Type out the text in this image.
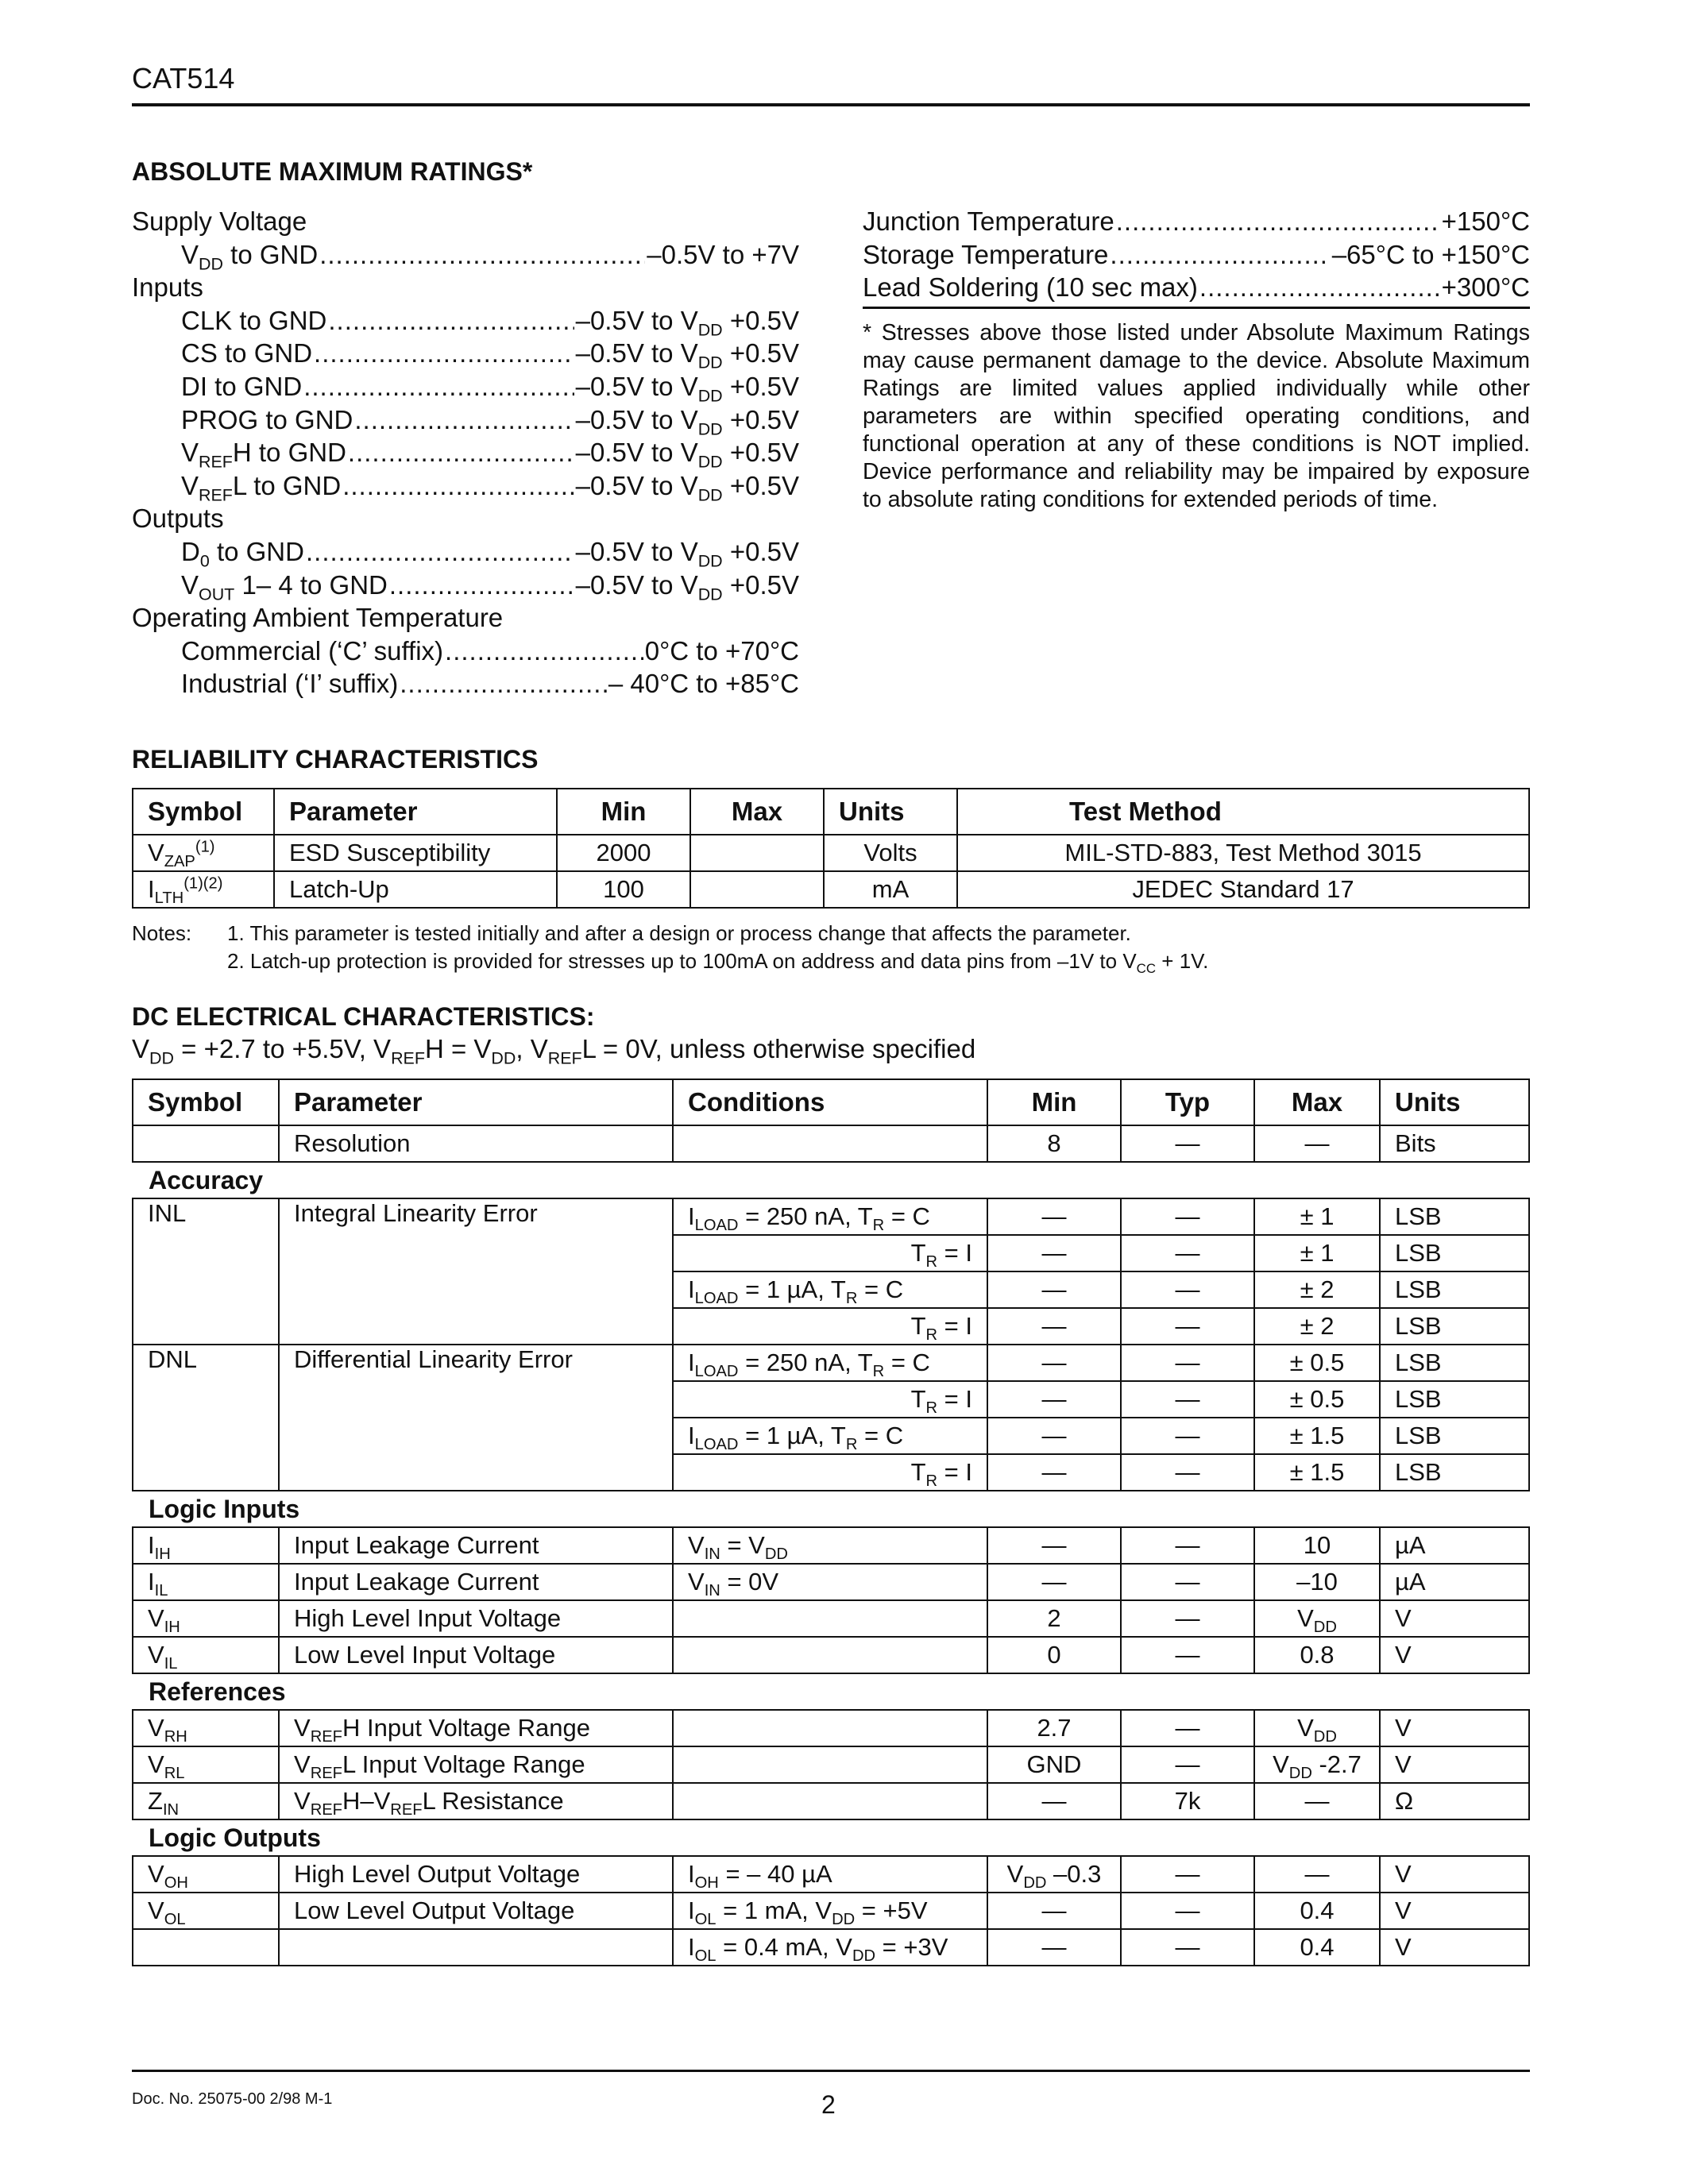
CAT514
ABSOLUTE MAXIMUM RATINGS*
Supply Voltage
$V_{DD}$ to GND .....	–0.5V to +7V
Inputs
CLK to GND .....	–0.5V to $V_{DD} +0.5V$
CS to GND .....	–0.5V to $V_{DD} +0.5V$
DI to GND .....	–0.5V to $V_{DD} +0.5V$
PROG to GND .....	–0.5V to $V_{DD} +0.5V$
$V_{REF}H$ to GND .....	–0.5V to $V_{DD} +0.5V$
$V_{REF}L$ to GND .....	–0.5V to $V_{DD} +0.5V$
Outputs
$D_0$ to GND .....	–0.5V to $V_{DD} +0.5V$
$V_{OUT}$ 1– 4 to GND .....	–0.5V to $V_{DD} +0.5V$
Operating Ambient Temperature
Commercial (‘C’ suffix) .....	0°C to +70°C
Industrial (‘I’ suffix) .....	– 40°C to +85°C
Junction Temperature .....	+150°C
Storage Temperature .....	–65°C to +150°C
Lead Soldering (10 sec max) .....	+300°C
* Stresses above those listed under Absolute Maximum Ratings may cause permanent damage to the device. Absolute Maximum Ratings are limited values applied individually while other parameters are within specified operating conditions, and functional operation at any of these conditions is NOT implied. Device performance and reliability may be impaired by exposure to absolute rating conditions for extended periods of time.
RELIABILITY CHARACTERISTICS
Symbol	Parameter	Min	Max	Units	Test Method
$V_{ZAP}^{(1)}$	ESD Susceptibility	2000		Volts	MIL-STD-883, Test Method 3015
$I_{LTH}^{(1)(2)}$	Latch-Up	100		mA	JEDEC Standard 17
Notes:	1. This parameter is tested initially and after a design or process change that affects the parameter.
2. Latch-up protection is provided for stresses up to 100mA on address and data pins from –1V to $V_{CC} + 1V$.
DC ELECTRICAL CHARACTERISTICS:
$V_{DD} = +2.7$ to +5.5V, $V_{REF}H = V_{DD}$, $V_{REF}L = 0V$, unless otherwise specified
Symbol	Parameter	Conditions	Min	Typ	Max	Units
	Resolution		8	—	—	Bits
Accuracy						
INL	Integral Linearity Error	$I_{LOAD} = 250$ nA, $T_R = C$	—	—	± 1	LSB
		$T_R = I$	—	—	± 1	LSB
		$I_{LOAD} = 1$ µA, $T_R = C$	—	—	± 2	LSB
		$T_R = I$	—	—	± 2	LSB
DNL	Differential Linearity Error	$I_{LOAD} = 250$ nA, $T_R = C$	—	—	± 0.5	LSB
		$T_R = I$	—	—	± 0.5	LSB
		$I_{LOAD} = 1$ µA, $T_R = C$	—	—	± 1.5	LSB
		$T_R = I$	—	—	± 1.5	LSB
Logic Inputs						
$I_{IH}$	Input Leakage Current	$V_{IN} = V_{DD}$	—	—	10	µA
$I_{IL}$	Input Leakage Current	$V_{IN} = 0V$	—	—	–10	µA
$V_{IH}$	High Level Input Voltage		2	—	$V_{DD}$	V
$V_{IL}$	Low Level Input Voltage		0	—	0.8	V
References						
$V_{RH}$	$V_{REF}H$ Input Voltage Range		2.7	—	$V_{DD}$	V
$V_{RL}$	$V_{REF}L$ Input Voltage Range		GND	—	$V_{DD}$ -2.7	V
$Z_{IN}$	$V_{REF}H-V_{REF}L$ Resistance		—	7k	—	Ω
Logic Outputs						
$V_{OH}$	High Level Output Voltage	$I_{OH}$ = – 40 µA	$V_{DD}$ –0.3	—	—	V
$V_{OL}$	Low Level Output Voltage	$I_{OL} = 1$ mA, $V_{DD} = +5V$	—	—	0.4	V
		$I_{OL} = 0.4$ mA, $V_{DD} = +3V$	—	—	0.4	V
Doc. No. 25075-00 2/98 M-1	2
